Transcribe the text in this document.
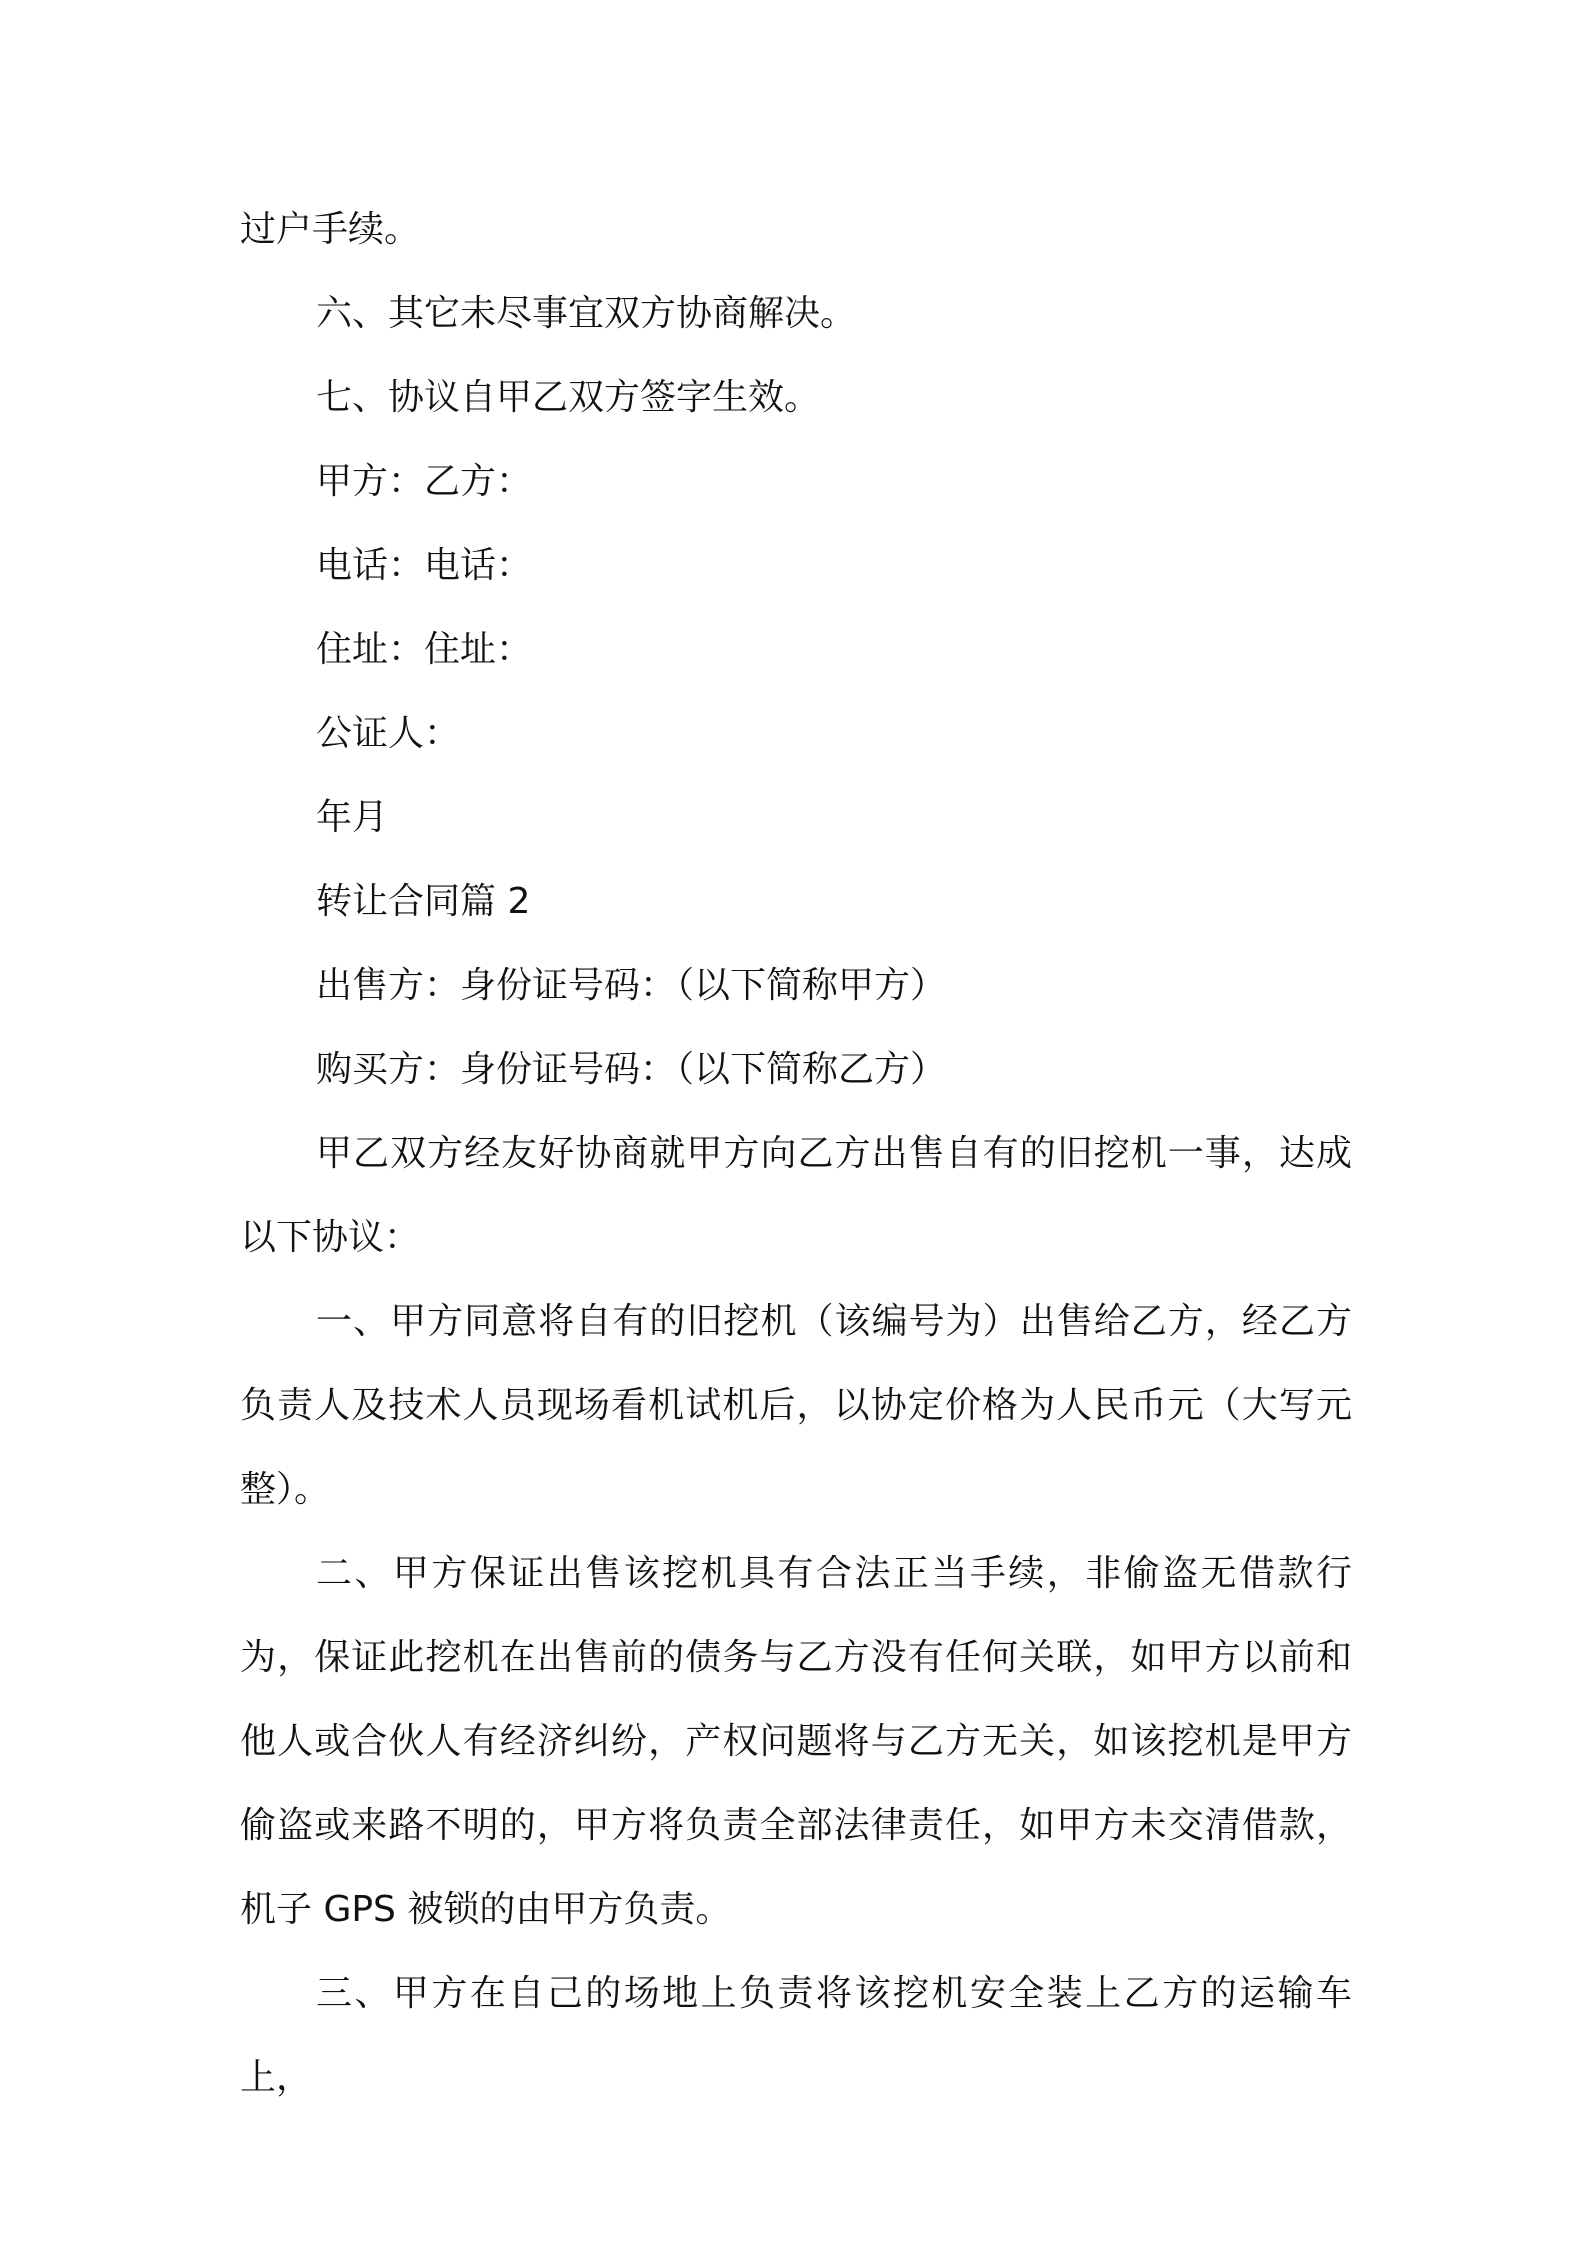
过户手续。

六、其它未尽事宜双方协商解决。

七、协议自甲乙双方签字生效。

甲方：乙方：

电话：电话：

住址：住址：

公证人：

年月

转让合同篇 2

出售方：身份证号码：（以下简称甲方）

购买方：身份证号码：（以下简称乙方）

甲乙双方经友好协商就甲方向乙方出售自有的旧挖机一事，达成以下协议：

一、甲方同意将自有的旧挖机（该编号为）出售给乙方，经乙方负责人及技术人员现场看机试机后，以协定价格为人民币元（大写元整）。

二、甲方保证出售该挖机具有合法正当手续，非偷盗无借款行为，保证此挖机在出售前的债务与乙方没有任何关联，如甲方以前和他人或合伙人有经济纠纷，产权问题将与乙方无关，如该挖机是甲方偷盗或来路不明的，甲方将负责全部法律责任，如甲方未交清借款，机子 GPS 被锁的由甲方负责。

三、甲方在自己的场地上负责将该挖机安全装上乙方的运输车上，
